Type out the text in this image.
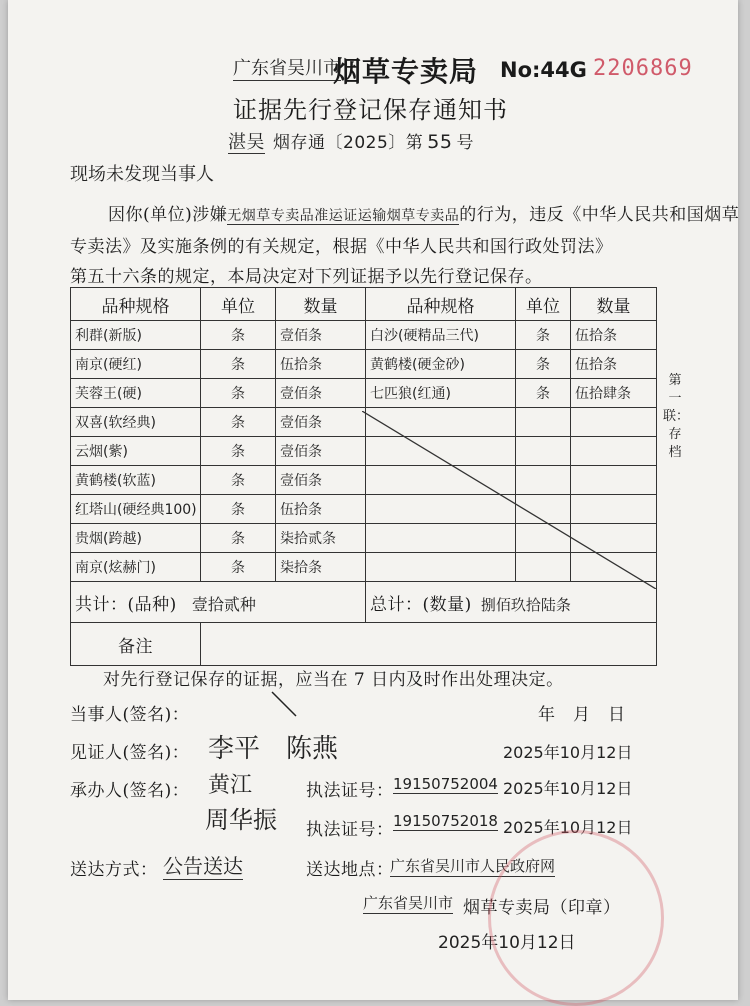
广东省吴川市
烟草专卖局 No:44G 2206869
证据先行登记保存通知书
湛吴 烟存通〔2025〕第 55 号
现场未发现当事人
因你(单位)涉嫌无烟草专卖品准运证运输烟草专卖品的行为，违反《中华人民共和国烟草
专卖法》及实施条例的有关规定，根据《中华人民共和国行政处罚法》
第五十六条的规定，本局决定对下列证据予以先行登记保存。
品种规格	单位	数量	品种规格	单位	数量
利群(新版)	条	壹佰条	白沙(硬精品三代)	条	伍拾条
南京(硬红)	条	伍拾条	黄鹤楼(硬金砂)	条	伍拾条
芙蓉王(硬)	条	壹佰条	七匹狼(红通)	条	伍拾肆条
双喜(软经典)	条	壹佰条			
云烟(紫)	条	壹佰条			
黄鹤楼(软蓝)	条	壹佰条			
红塔山(硬经典100)	条	伍拾条			
贵烟(跨越)	条	柒拾贰条			
南京(炫赫门)	条	柒拾条			
共计：(品种) 壹拾贰种			总计：(数量) 捌佰玖拾陆条		
备注					
第一联：存档
对先行登记保存的证据，应当在 7 日内及时作出处理决定。
当事人(签名)：	年　月　日
见证人(签名)： 李平　陈燕	2025年10月12日
承办人(签名)： 黄江	执法证号： 19150752004 2025年10月12日
周华振 执法证号： 19150752018 2025年10月12日
送达方式： 公告送达	送达地点：
广东省吴川市人民政府网
广东省吴川市 烟草专卖局（印章）
2025年10月12日
